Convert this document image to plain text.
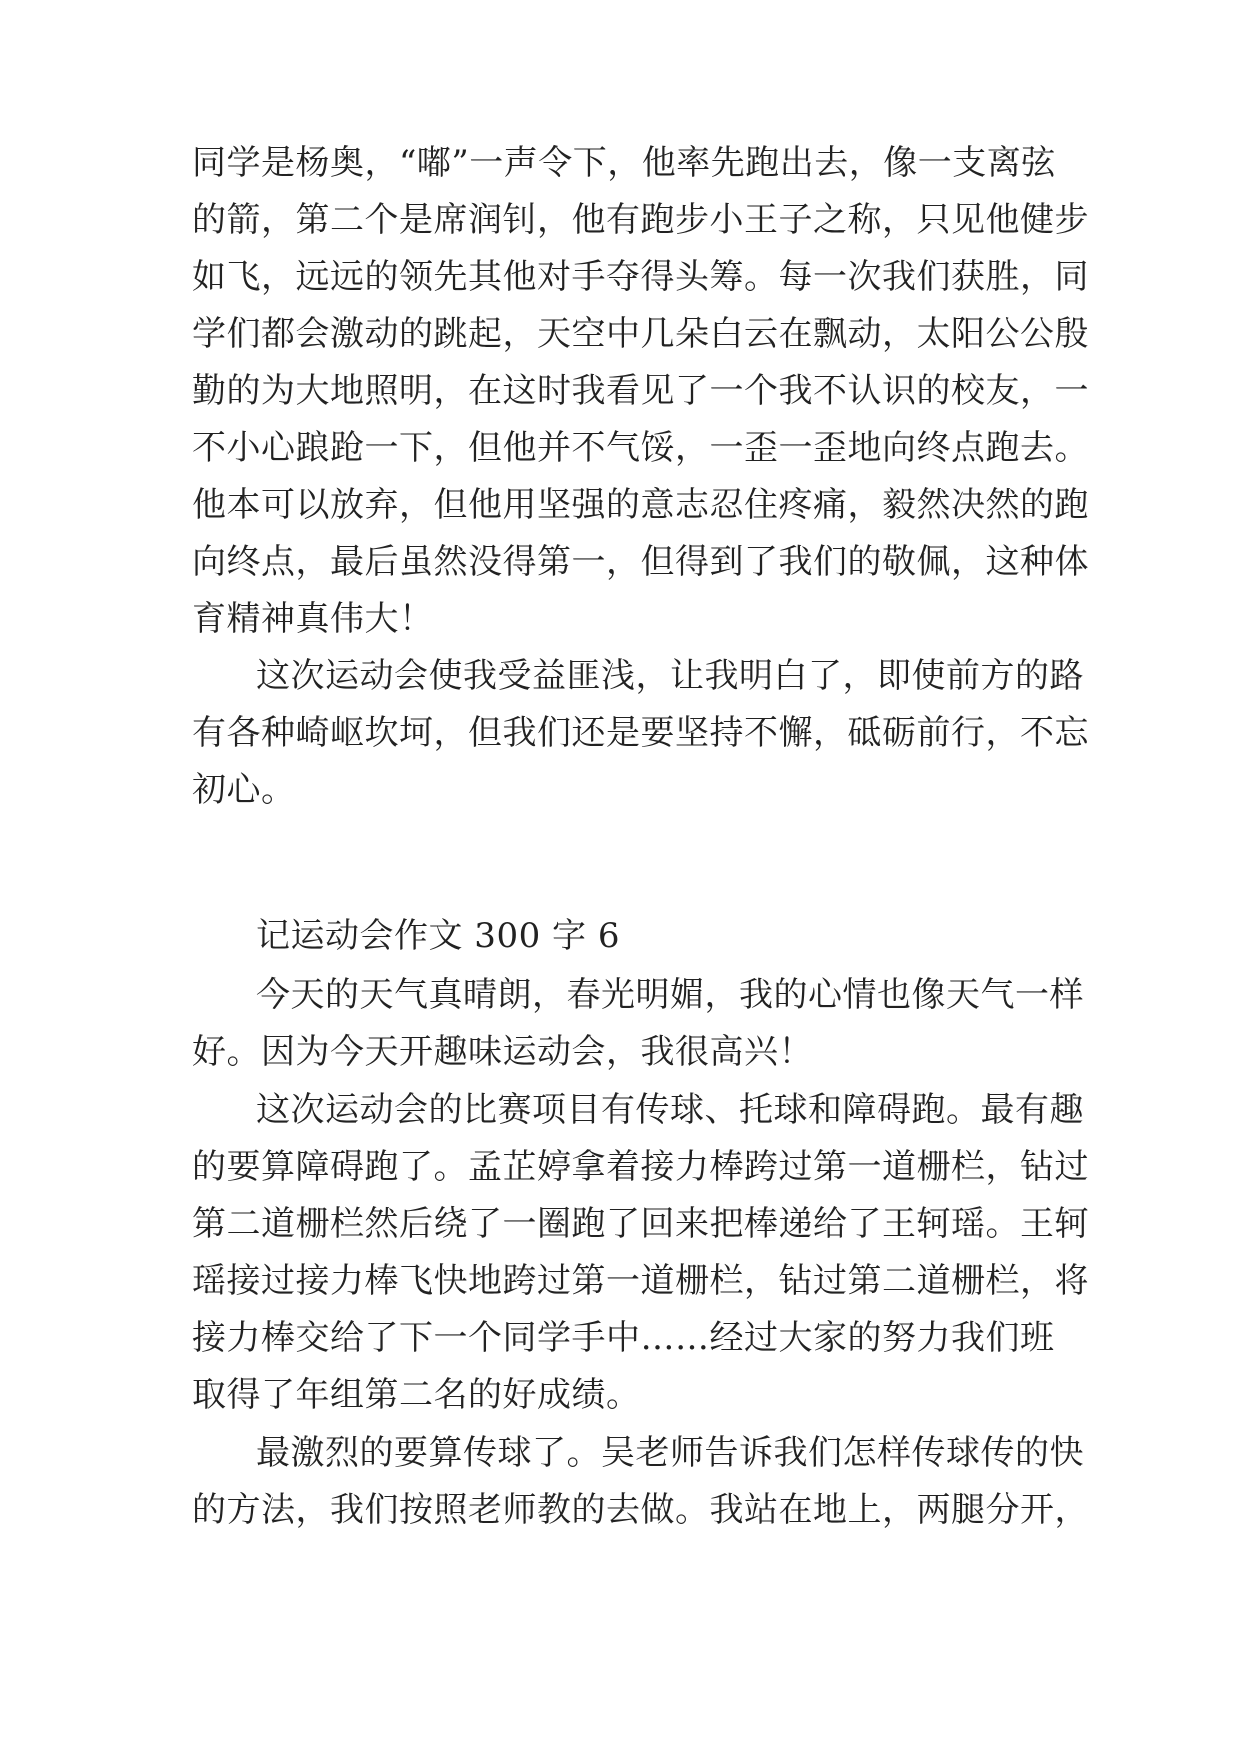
同学是杨奥，“嘟”一声令下，他率先跑出去，像一支离弦
的箭，第二个是席润钊，他有跑步小王子之称，只见他健步
如飞，远远的领先其他对手夺得头筹。每一次我们获胜，同
学们都会激动的跳起，天空中几朵白云在飘动，太阳公公殷
勤的为大地照明，在这时我看见了一个我不认识的校友，一
不小心踉跄一下，但他并不气馁，一歪一歪地向终点跑去。
他本可以放弃，但他用坚强的意志忍住疼痛，毅然决然的跑
向终点，最后虽然没得第一，但得到了我们的敬佩，这种体
育精神真伟大！
这次运动会使我受益匪浅，让我明白了，即使前方的路
有各种崎岖坎坷，但我们还是要坚持不懈，砥砺前行，不忘
初心。
记运动会作文 300 字 6
今天的天气真晴朗，春光明媚，我的心情也像天气一样
好。因为今天开趣味运动会，我很高兴！
这次运动会的比赛项目有传球、托球和障碍跑。最有趣
的要算障碍跑了。孟芷婷拿着接力棒跨过第一道栅栏，钻过
第二道栅栏然后绕了一圈跑了回来把棒递给了王轲瑶。王轲
瑶接过接力棒飞快地跨过第一道栅栏，钻过第二道栅栏，将
接力棒交给了下一个同学手中……经过大家的努力我们班
取得了年组第二名的好成绩。
最激烈的要算传球了。吴老师告诉我们怎样传球传的快
的方法，我们按照老师教的去做。我站在地上，两腿分开，
